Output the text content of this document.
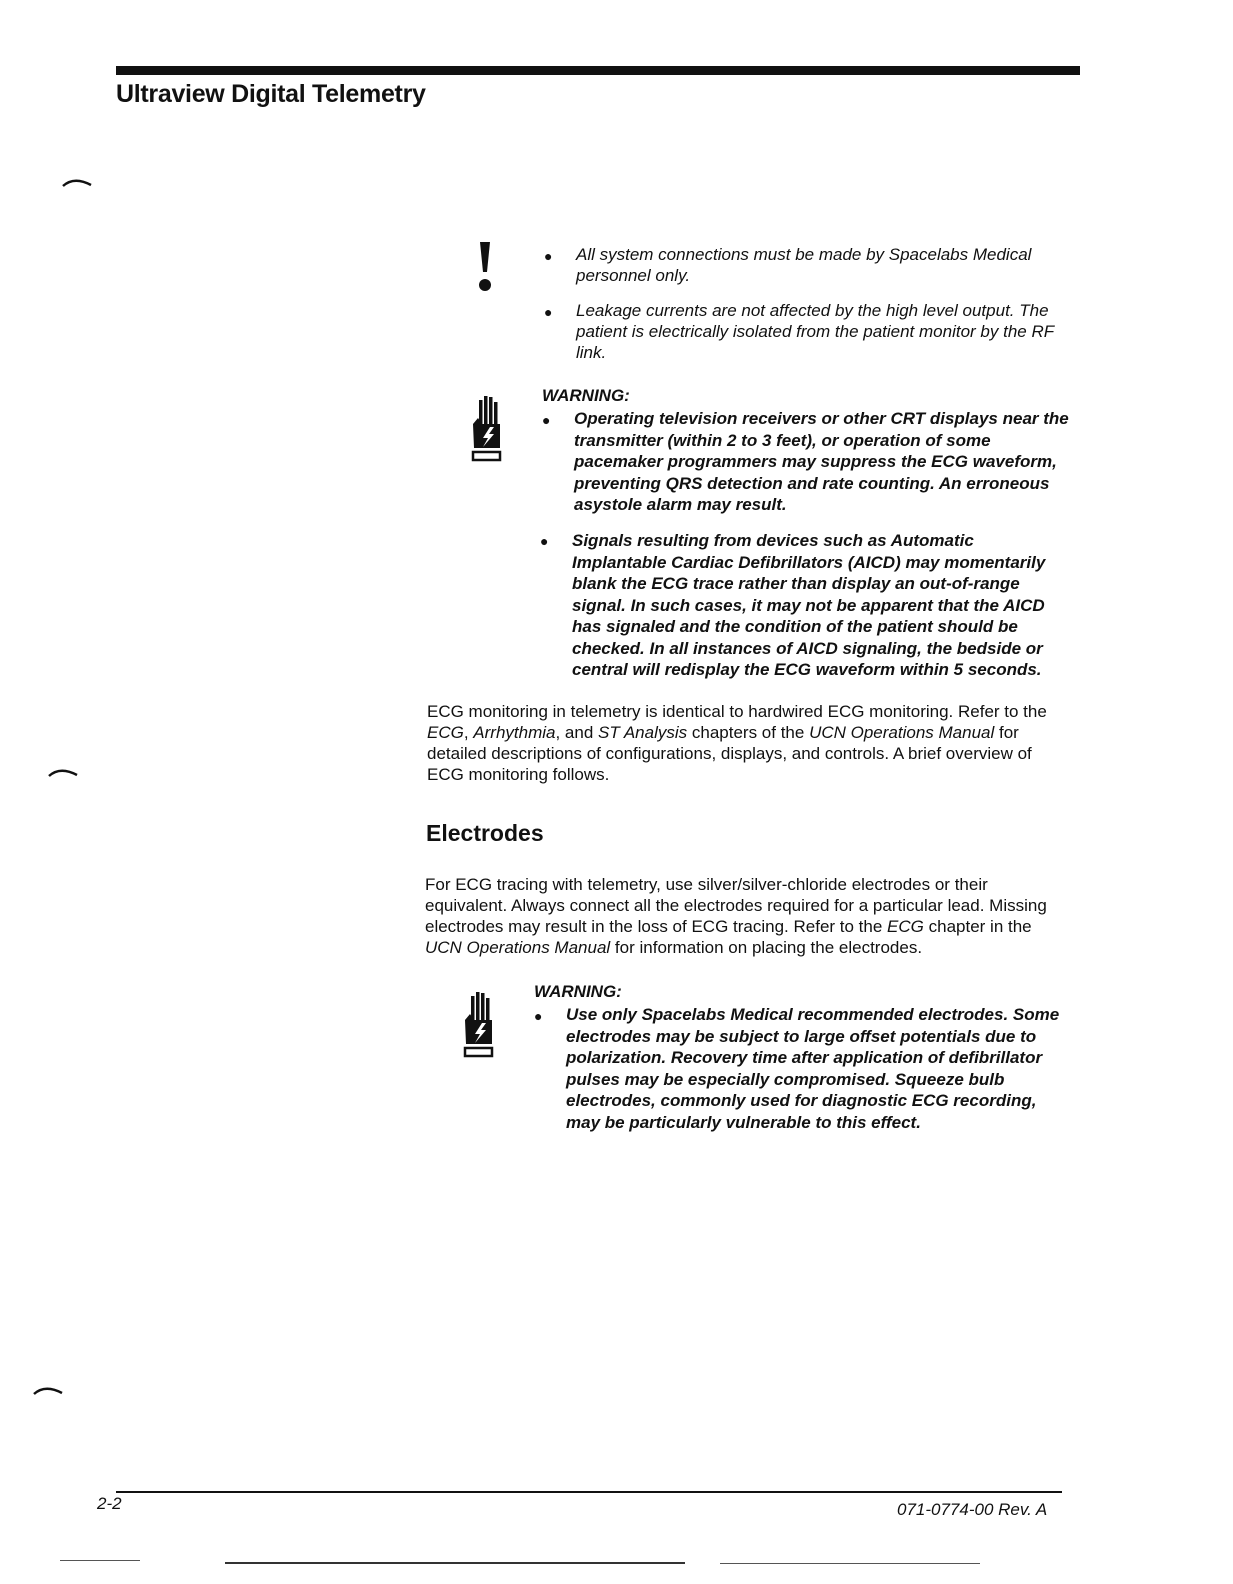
Ultraview Digital Telemetry
● All system connections must be made by Spacelabs Medical personnel only.
● Leakage currents are not affected by the high level output. The patient is electrically isolated from the patient monitor by the RF link.
WARNING:
● Operating television receivers or other CRT displays near the transmitter (within 2 to 3 feet), or operation of some pacemaker programmers may suppress the ECG waveform, preventing QRS detection and rate counting. An erroneous asystole alarm may result.
● Signals resulting from devices such as Automatic Implantable Cardiac Defibrillators (AICD) may momentarily blank the ECG trace rather than display an out-of-range signal. In such cases, it may not be apparent that the AICD has signaled and the condition of the patient should be checked. In all instances of AICD signaling, the bedside or central will redisplay the ECG waveform within 5 seconds.

ECG monitoring in telemetry is identical to hardwired ECG monitoring. Refer to the ECG, Arrhythmia, and ST Analysis chapters of the UCN Operations Manual for detailed descriptions of configurations, displays, and controls. A brief overview of ECG monitoring follows.

Electrodes

For ECG tracing with telemetry, use silver/silver-chloride electrodes or their equivalent. Always connect all the electrodes required for a particular lead. Missing electrodes may result in the loss of ECG tracing. Refer to the ECG chapter in the UCN Operations Manual for information on placing the electrodes.

WARNING:
● Use only Spacelabs Medical recommended electrodes. Some electrodes may be subject to large offset potentials due to polarization. Recovery time after application of defibrillator pulses may be especially compromised. Squeeze bulb electrodes, commonly used for diagnostic ECG recording, may be particularly vulnerable to this effect.
2-2	071-0774-00 Rev. A
